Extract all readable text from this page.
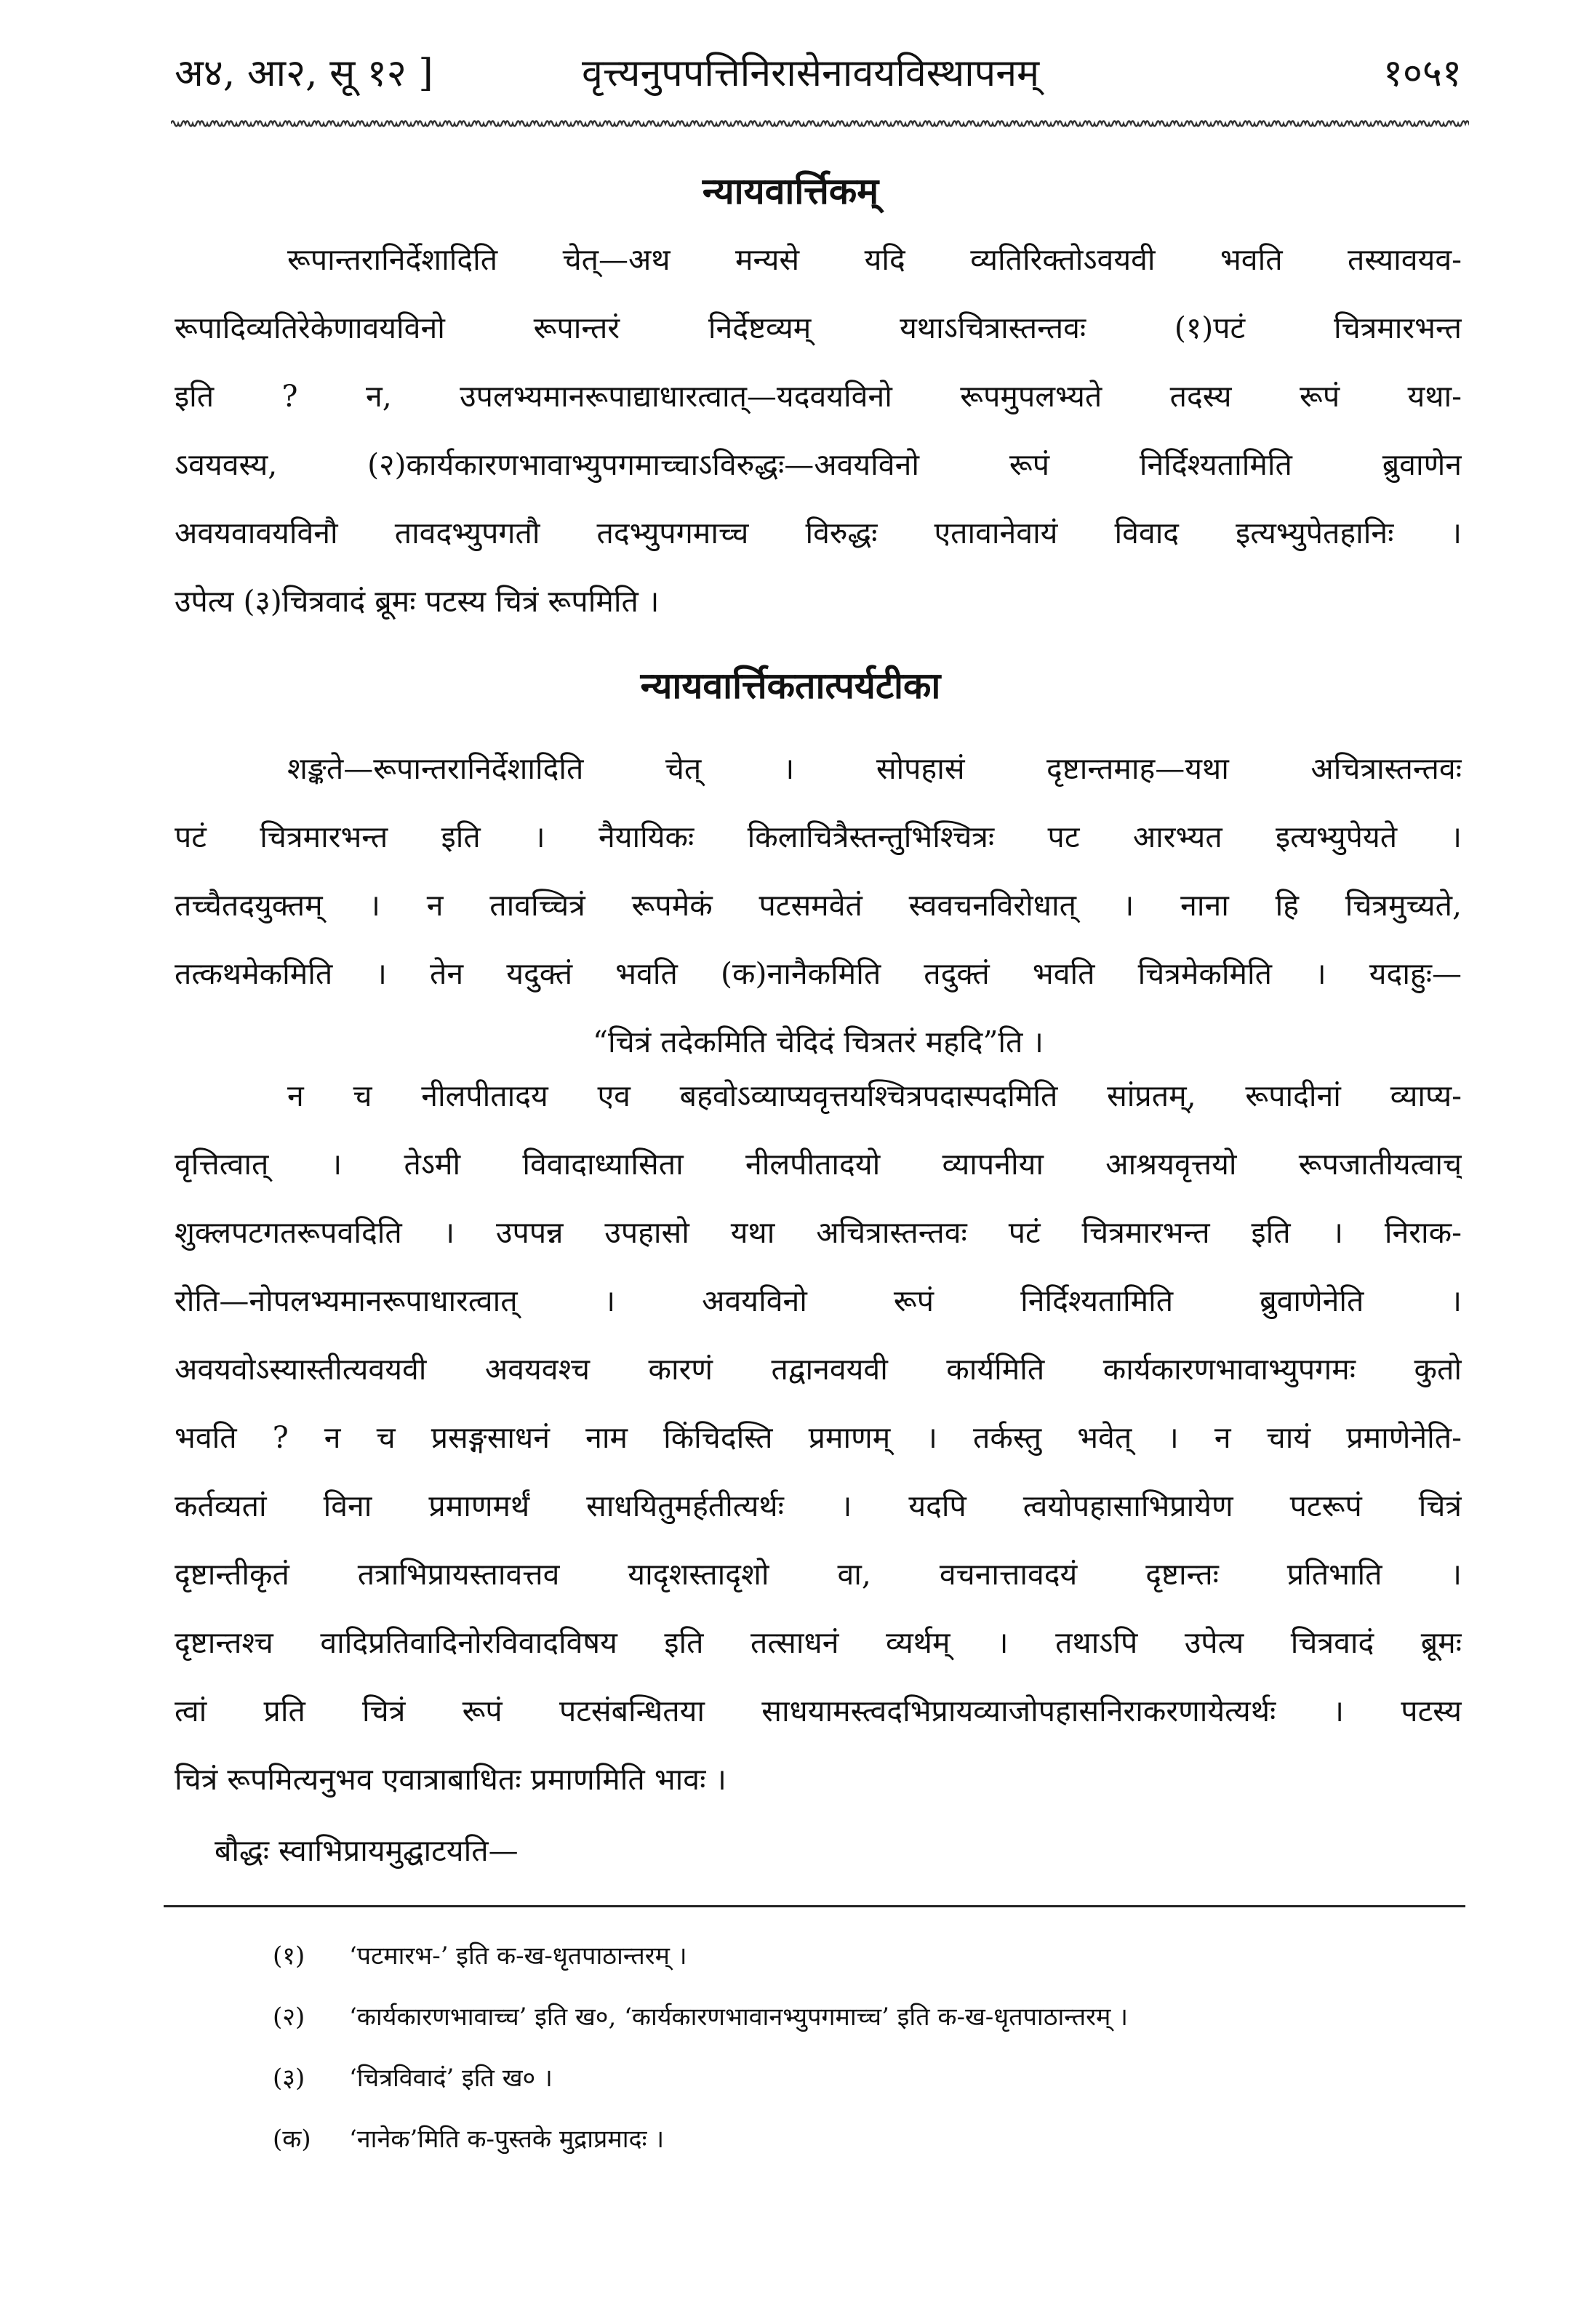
अ४, आ२, सू १२ ]	वृत्त्यनुपपत्तिनिरासेनावयविस्थापनम्	१०५१
न्यायवार्त्तिकम्
रूपान्तरानिर्देशादिति चेत्—अथ मन्यसे यदि व्यतिरिक्तोऽवयवी भवति तस्यावयव-
रूपादिव्यतिरेकेणावयविनो रूपान्तरं निर्देष्टव्यम् यथाऽचित्रास्तन्तवः (१)पटं चित्रमारभन्त
इति ? न, उपलभ्यमानरूपाद्याधारत्वात्—यदवयविनो रूपमुपलभ्यते तदस्य रूपं यथा-
ऽवयवस्य, (२)कार्यकारणभावाभ्युपगमाच्चाऽविरुद्धः—अवयविनो रूपं निर्दिश्यतामिति ब्रुवाणेन
अवयवावयविनौ तावदभ्युपगतौ तदभ्युपगमाच्च विरुद्धः एतावानेवायं विवाद इत्यभ्युपेतहानिः ।
उपेत्य (३)चित्रवादं ब्रूमः पटस्य चित्रं रूपमिति ।
न्यायवार्त्तिकतात्पर्यटीका
शङ्कते—रूपान्तरानिर्देशादिति चेत् । सोपहासं दृष्टान्तमाह—यथा अचित्रास्तन्तवः
पटं चित्रमारभन्त इति । नैयायिकः किलाचित्रैस्तन्तुभिश्चित्रः पट आरभ्यत इत्यभ्युपेयते ।
तच्चैतदयुक्तम् । न तावच्चित्रं रूपमेकं पटसमवेतं स्ववचनविरोधात् । नाना हि चित्रमुच्यते,
तत्कथमेकमिति । तेन यदुक्तं भवति (क)नानैकमिति तदुक्तं भवति चित्रमेकमिति । यदाहुः—
“चित्रं तदेकमिति चेदिदं चित्रतरं महदि”ति ।
न च नीलपीतादय एव बहवोऽव्याप्यवृत्तयश्चित्रपदास्पदमिति सांप्रतम्, रूपादीनां व्याप्य-
वृत्तित्वात् । तेऽमी विवादाध्यासिता नीलपीतादयो व्यापनीया आश्रयवृत्तयो रूपजातीयत्वाच्
शुक्लपटगतरूपवदिति । उपपन्न उपहासो यथा अचित्रास्तन्तवः पटं चित्रमारभन्त इति । निराक-
रोति—नोपलभ्यमानरूपाधारत्वात् । अवयविनो रूपं निर्दिश्यतामिति ब्रुवाणेनेति ।
अवयवोऽस्यास्तीत्यवयवी अवयवश्च कारणं तद्वानवयवी कार्यमिति कार्यकारणभावाभ्युपगमः कुतो
भवति ? न च प्रसङ्गसाधनं नाम किंचिदस्ति प्रमाणम् । तर्कस्तु भवेत् । न चायं प्रमाणेनेति-
कर्तव्यतां विना प्रमाणमर्थं साधयितुमर्हतीत्यर्थः । यदपि त्वयोपहासाभिप्रायेण पटरूपं चित्रं
दृष्टान्तीकृतं तत्राभिप्रायस्तावत्तव यादृशस्तादृशो वा, वचनात्तावदयं दृष्टान्तः प्रतिभाति ।
दृष्टान्तश्च वादिप्रतिवादिनोरविवादविषय इति तत्साधनं व्यर्थम् । तथाऽपि उपेत्य चित्रवादं ब्रूमः
त्वां प्रति चित्रं रूपं पटसंबन्धितया साधयामस्त्वदभिप्रायव्याजोपहासनिराकरणायेत्यर्थः । पटस्य
चित्रं रूपमित्यनुभव एवात्राबाधितः प्रमाणमिति भावः ।
बौद्धः स्वाभिप्रायमुद्घाटयति—
(१) ‘पटमारभ-’ इति क-ख-धृतपाठान्तरम् ।
(२) ‘कार्यकारणभावाच्च’ इति ख०, ‘कार्यकारणभावानभ्युपगमाच्च’ इति क-ख-धृतपाठान्तरम् ।
(३) ‘चित्रविवादं’ इति ख० ।
(क) ‘नानेक’मिति क-पुस्तके मुद्राप्रमादः ।
